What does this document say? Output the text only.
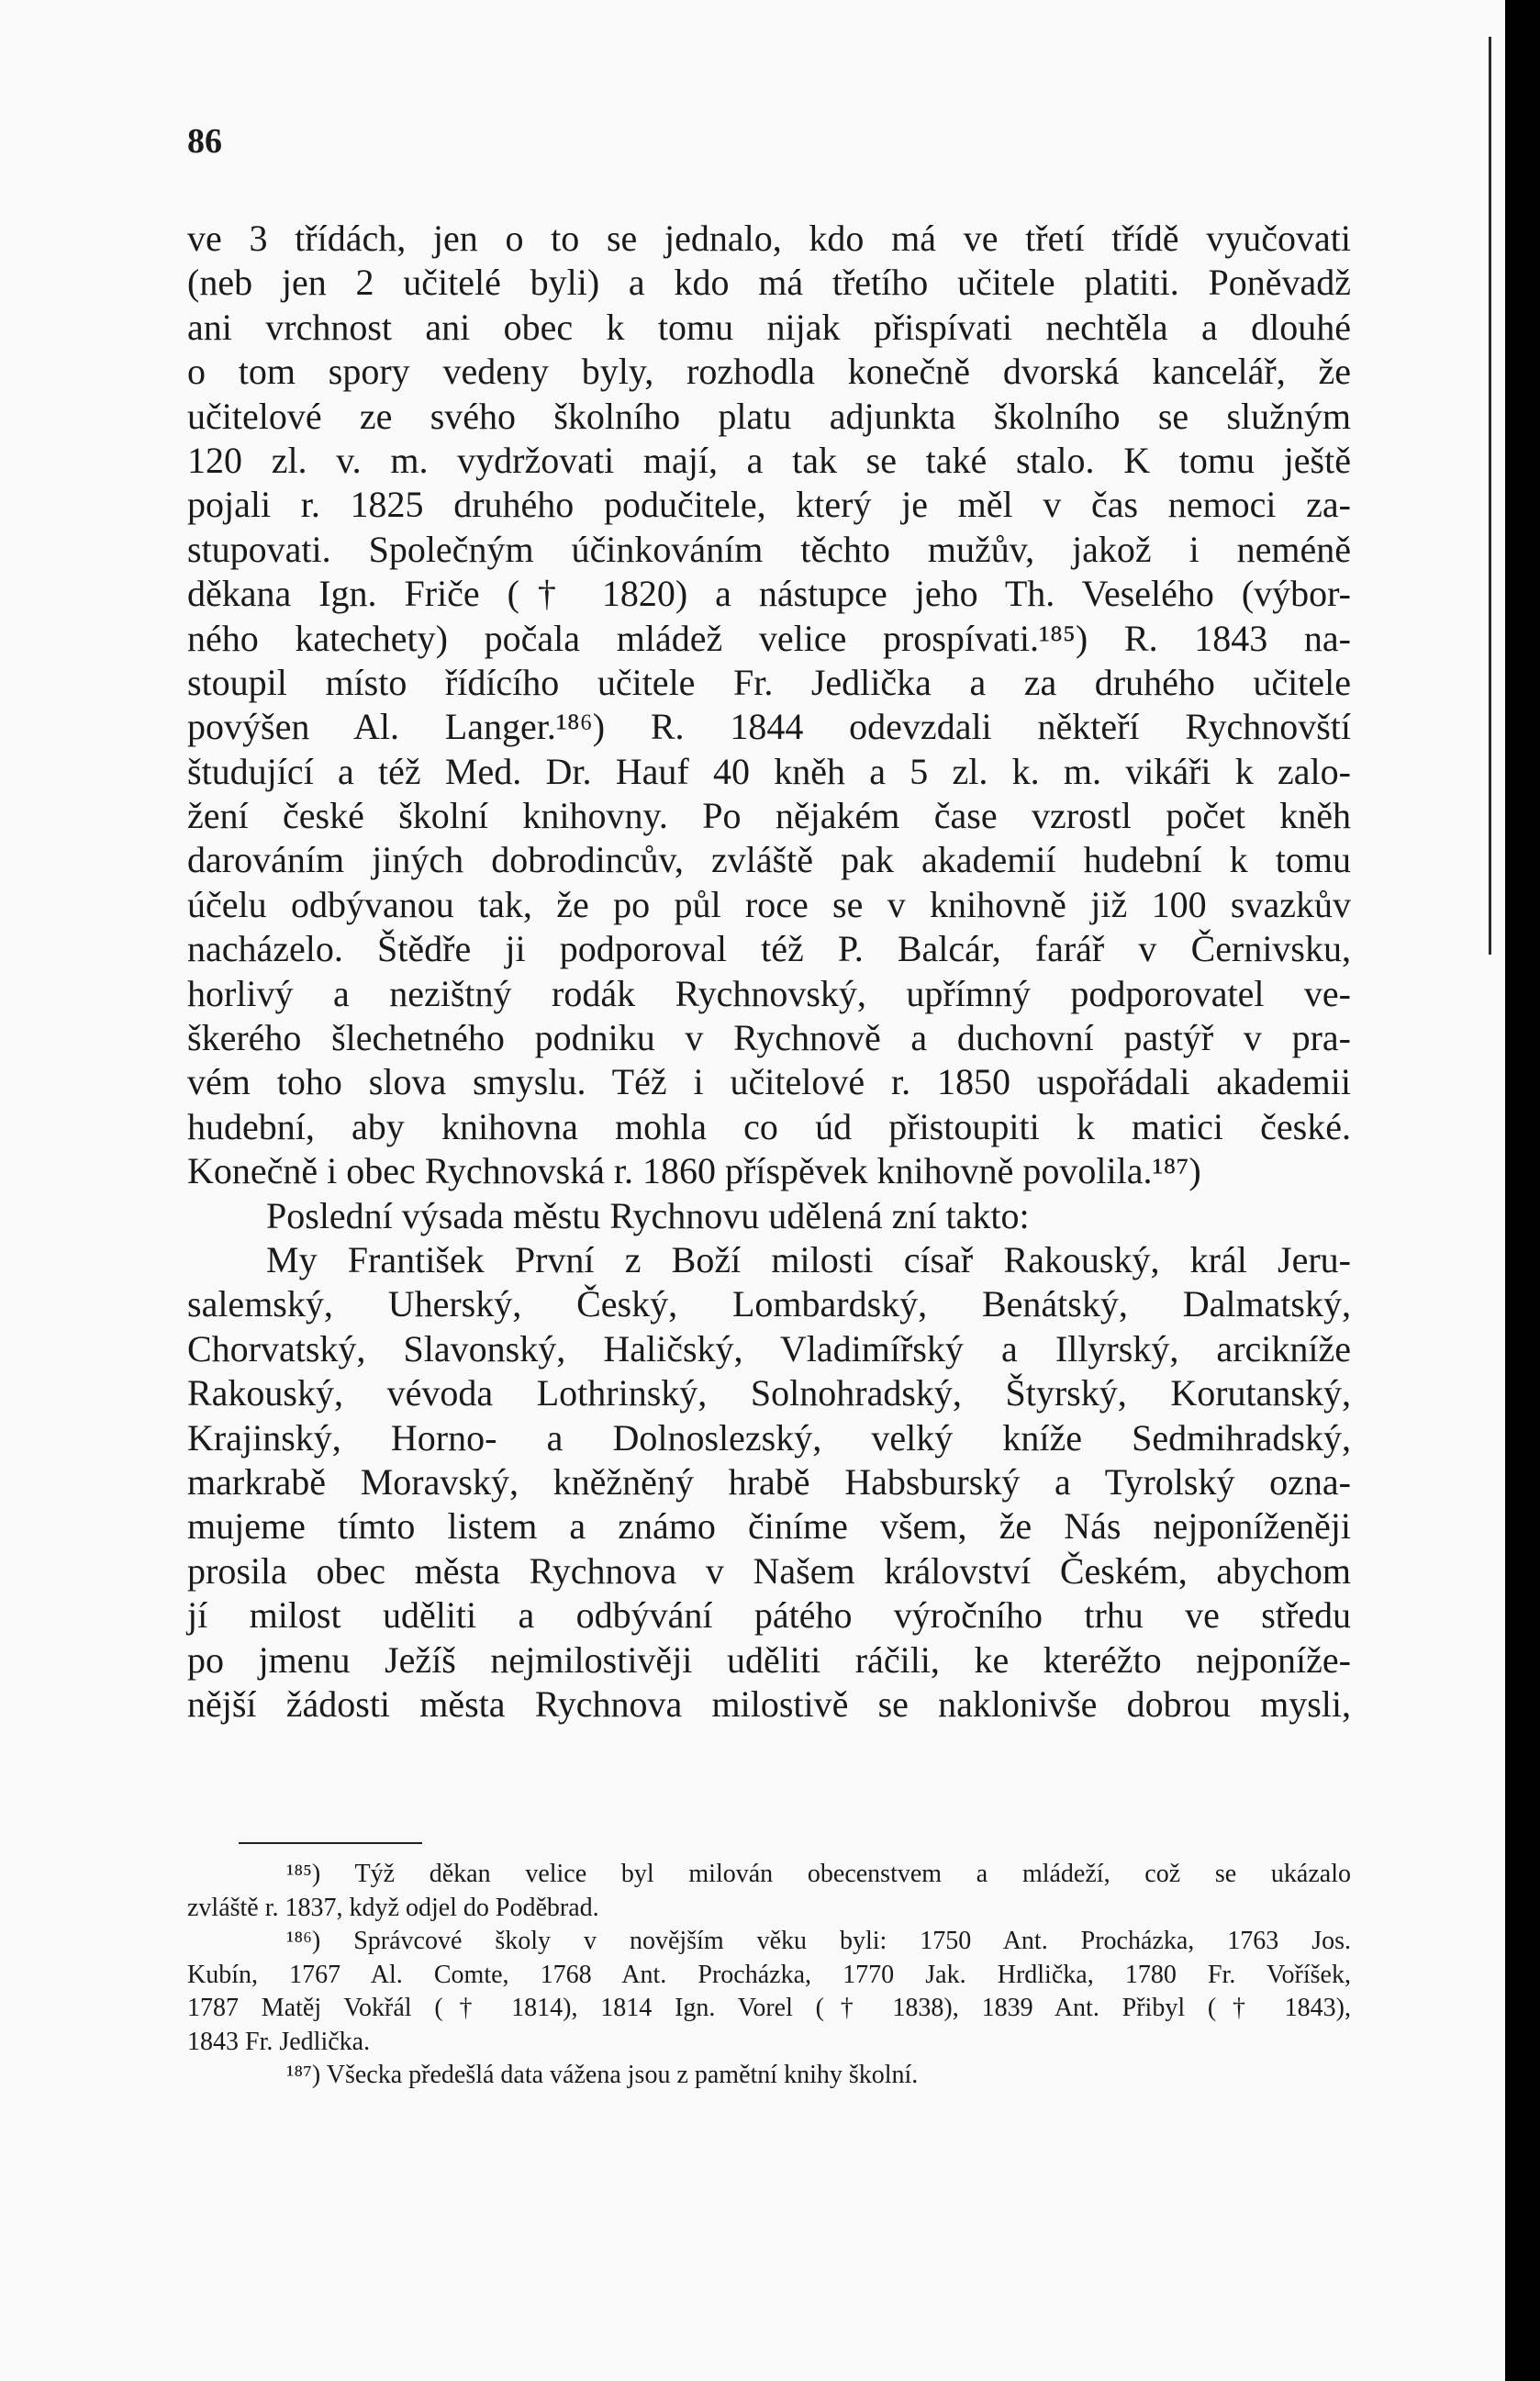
86
ve 3 třídách, jen o to se jednalo, kdo má ve třetí třídě vyučovati
(neb jen 2 učitelé byli) a kdo má třetího učitele platiti. Poněvadž
ani vrchnost ani obec k tomu nijak přispívati nechtěla a dlouhé
o tom spory vedeny byly, rozhodla konečně dvorská kancelář, že
učitelové ze svého školního platu adjunkta školního se služným
120 zl. v. m. vydržovati mají, a tak se také stalo. K tomu ještě
pojali r. 1825 druhého podučitele, který je měl v čas nemoci za-
stupovati. Společným účinkováním těchto mužův, jakož i neméně
děkana Ign. Friče († 1820) a nástupce jeho Th. Veselého (výbor-
ného katechety) počala mládež velice prospívati.¹⁸⁵) R. 1843 na-
stoupil místo řídícího učitele Fr. Jedlička a za druhého učitele
povýšen Al. Langer.¹⁸⁶) R. 1844 odevzdali někteří Rychnovští
študující a též Med. Dr. Hauf 40 kněh a 5 zl. k. m. vikáři k zalo-
žení české školní knihovny. Po nějakém čase vzrostl počet kněh
darováním jiných dobrodincův, zvláště pak akademií hudební k tomu
účelu odbývanou tak, že po půl roce se v knihovně již 100 svazkův
nacházelo. Štědře ji podporoval též P. Balcár, farář v Černivsku,
horlivý a nezištný rodák Rychnovský, upřímný podporovatel ve-
škerého šlechetného podniku v Rychnově a duchovní pastýř v pra-
vém toho slova smyslu. Též i učitelové r. 1850 uspořádali akademii
hudební, aby knihovna mohla co úd přistoupiti k matici české.
Konečně i obec Rychnovská r. 1860 příspěvek knihovně povolila.¹⁸⁷)
Poslední výsada městu Rychnovu udělená zní takto:
My František První z Boží milosti císař Rakouský, král Jeru-
salemský, Uherský, Český, Lombardský, Benátský, Dalmatský,
Chorvatský, Slavonský, Haličský, Vladimířský a Illyrský, arcikníže
Rakouský, vévoda Lothrinský, Solnohradský, Štyrský, Korutanský,
Krajinský, Horno- a Dolnoslezský, velký kníže Sedmihradský,
markrabě Moravský, kněžněný hrabě Habsburský a Tyrolský ozna-
mujeme tímto listem a známo činíme všem, že Nás nejponíženěji
prosila obec města Rychnova v Našem království Českém, abychom
jí milost uděliti a odbývání pátého výročního trhu ve středu
po jmenu Ježíš nejmilostivěji uděliti ráčili, ke kteréžto nejponíže-
nější žádosti města Rychnova milostivě se naklonivše dobrou mysli,
¹⁸⁵) Týž děkan velice byl milován obecenstvem a mládeží, což se ukázalo
zvláště r. 1837, když odjel do Poděbrad.
¹⁸⁶) Správcové školy v novějším věku byli: 1750 Ant. Procházka, 1763 Jos.
Kubín, 1767 Al. Comte, 1768 Ant. Procházka, 1770 Jak. Hrdlička, 1780 Fr. Voříšek,
1787 Matěj Vokřál († 1814), 1814 Ign. Vorel († 1838), 1839 Ant. Přibyl († 1843),
1843 Fr. Jedlička.
¹⁸⁷) Všecka předešlá data vážena jsou z pamětní knihy školní.
